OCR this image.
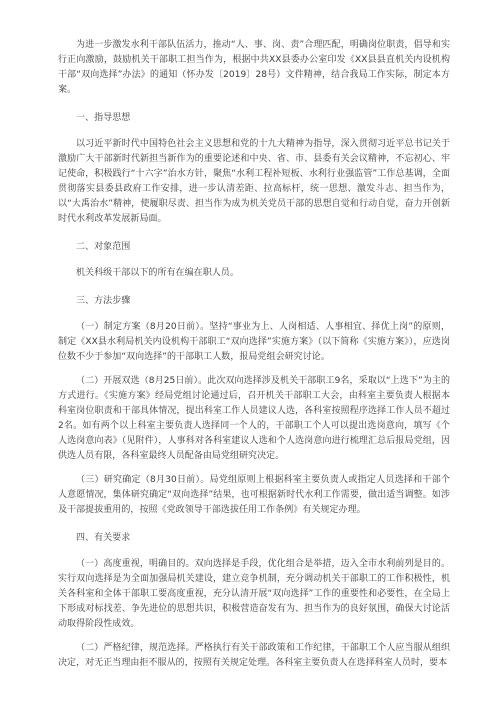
为进一步激发水利干部队伍活力，推动“人、事、岗、责”合理匹配，明确岗位职责，倡导和实行正向激励，鼓励机关干部职工担当作为，根据中共XX县委办公室印发《XX县县直机关内设机构干部“双向选择”办法》的通知（怀办发〔2019〕28号）文件精神，结合我局工作实际，制定本方案。

一、指导思想

以习近平新时代中国特色社会主义思想和党的十九大精神为指导，深入贯彻习近平总书记关于激励广大干部新时代新担当新作为的重要论述和中央、省、市、县委有关会议精神，不忘初心、牢记使命，积极践行“十六字”治水方针，聚焦“水利工程补短板、水利行业强监管”工作总基调，全面贯彻落实县委县政府工作安排，进一步认清差距、拉高标杆，统一思想、激发斗志、担当作为，以“大禹治水”精神，使履职尽责、担当作为成为机关党员干部的思想自觉和行动自觉，奋力开创新时代水利改革发展新局面。

二、对象范围

机关科级干部以下的所有在编在职人员。

三、方法步骤

（一）制定方案（8月20日前）。坚持“事业为上、人岗相适、人事相宜、择优上岗”的原则，制定《XX县水利局机关内设机构干部职工“双向选择”实施方案》（以下简称《实施方案》），应选岗位数不少于参加“双向选择”的干部职工人数，报局党组会研究讨论。

（二）开展双选（8月25日前）。此次双向选择涉及机关干部职工9名，采取以“上选下”为主的方式进行。《实施方案》经局党组讨论通过后，召开机关干部职工大会，由科室主要负责人根据本科室岗位职责和干部具体情况，提出科室工作人员建议人选，各科室按照程序选择工作人员不超过2名。如有两个以上科室主要负责人选择同一个人的，干部职工个人可以提出选岗意向，填写《个人选岗意向表》（见附件），人事科对各科室建议人选和个人选岗意向进行梳理汇总后报局党组，因供选人员有限，各科室最终人员配备由局党组研究决定。

（三）研究确定（8月30日前）。局党组原则上根据科室主要负责人或指定人员选择和干部个人意愿情况，集体研究确定“双向选择”结果，也可根据新时代水利工作需要，做出适当调整。如涉及干部提拔重用的，按照《党政领导干部选拔任用工作条例》有关规定办理。

四、有关要求

（一）高度重视，明确目的。双向选择是手段，优化组合是举措，迈入全市水利前列是目的。实行双向选择是为全面加强局机关建设，建立竞争机制，充分调动机关干部职工的工作积极性，机关各科室和全体干部职工要高度重视，充分认清开展“双向选择”工作的重要性和必要性，在全局上下形成对标找差、争先进位的思想共识，积极营造奋发有为、担当作为的良好氛围，确保大讨论活动取得阶段性成效。

（二）严格纪律，规范选择。严格执行有关干部政策和工作纪律，干部职工个人应当服从组织决定，对无正当理由拒不服从的，按照有关规定处理。各科室主要负责人在选择科室人员时，要本
